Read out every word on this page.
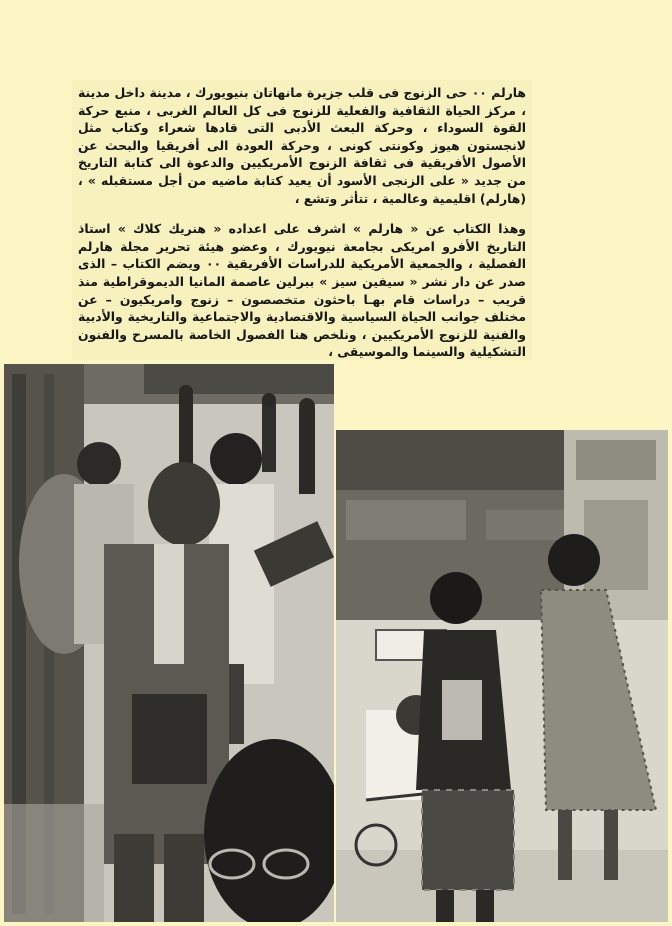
هارلم ٠٠ حى الزنوج فى قلب جزيرة مانهاتان بنيويورك ، مدينة داخل مدينة ، مركز الحياة الثقافية والفعلية للزنوج فى كل العالم الغربى ، منبع حركة القوة السوداء ، وحركة البعث الأدبى التى قادها شعراء وكتاب مثل لانجستون هيوز وكونتى كونى ، وحركة العودة الى أفريقيا والبحث عن الأصول الأفريقية فى ثقافة الزنوج الأمريكيين والدعوة الى كتابة التاريخ من جديد « على الزنجى الأسود أن يعيد كتابة ماضيه من أجل مستقبله » ، (هارلم) اقليمية وعالمية ، تتأثر وتشع ،

وهذا الكتاب عن « هارلم » اشرف على اعداده « هنريك كلاك » استاذ التاريخ الأفرو امريكى بجامعة نيويورك ، وعضو هيئة تحرير مجلة هارلم الفصلية ، والجمعية الأمريكية للدراسات الأفريقية ٠٠ ويضم الكتاب – الذى صدر عن دار نشر « سيفين سيز » ببرلين عاصمة المانيا الديموقراطية منذ قريب – دراسات قام بهـا باحثون متخصصون – زنوج وامريكيون – عن مختلف جوانب الحياة السياسية والاقتصادية والاجتماعية والتاريخية والأدبية والفنية للزنوج الأمريكيين ، ونلخص هنا الفصول الخاصة بالمسرح والفنون التشكيلية والسينما والموسيقى ،
